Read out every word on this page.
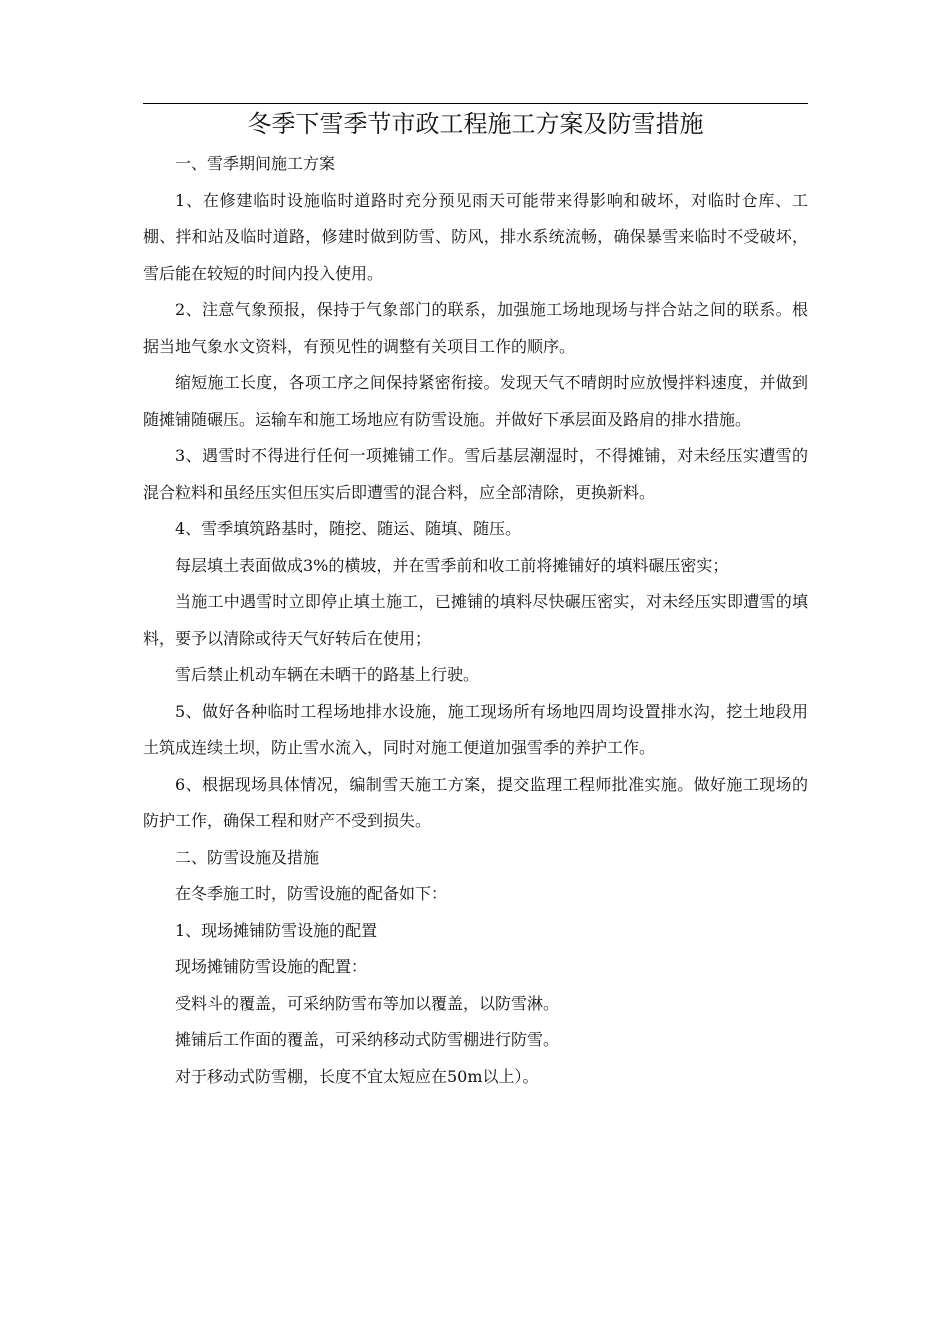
冬季下雪季节市政工程施工方案及防雪措施

一、雪季期间施工方案

1、在修建临时设施临时道路时充分预见雨天可能带来得影响和破坏，对临时仓库、工棚、拌和站及临时道路，修建时做到防雪、防风，排水系统流畅，确保暴雪来临时不受破坏，雪后能在较短的时间内投入使用。

2、注意气象预报，保持于气象部门的联系，加强施工场地现场与拌合站之间的联系。根据当地气象水文资料，有预见性的调整有关项目工作的顺序。

缩短施工长度，各项工序之间保持紧密衔接。发现天气不晴朗时应放慢拌料速度，并做到随摊铺随碾压。运输车和施工场地应有防雪设施。并做好下承层面及路肩的排水措施。

3、遇雪时不得进行任何一项摊铺工作。雪后基层潮湿时，不得摊铺，对未经压实遭雪的混合粒料和虽经压实但压实后即遭雪的混合料，应全部清除，更换新料。

4、雪季填筑路基时，随挖、随运、随填、随压。

每层填土表面做成3%的横坡，并在雪季前和收工前将摊铺好的填料碾压密实；

当施工中遇雪时立即停止填土施工，已摊铺的填料尽快碾压密实，对未经压实即遭雪的填料，要予以清除或待天气好转后在使用；

雪后禁止机动车辆在未晒干的路基上行驶。

5、做好各种临时工程场地排水设施，施工现场所有场地四周均设置排水沟，挖土地段用土筑成连续土坝，防止雪水流入，同时对施工便道加强雪季的养护工作。

6、根据现场具体情况，编制雪天施工方案，提交监理工程师批准实施。做好施工现场的防护工作，确保工程和财产不受到损失。

二、防雪设施及措施

在冬季施工时，防雪设施的配备如下：

1、现场摊铺防雪设施的配置

现场摊铺防雪设施的配置：

受料斗的覆盖，可采纳防雪布等加以覆盖，以防雪淋。

摊铺后工作面的覆盖，可采纳移动式防雪棚进行防雪。

对于移动式防雪棚，长度不宜太短应在50m以上）。
